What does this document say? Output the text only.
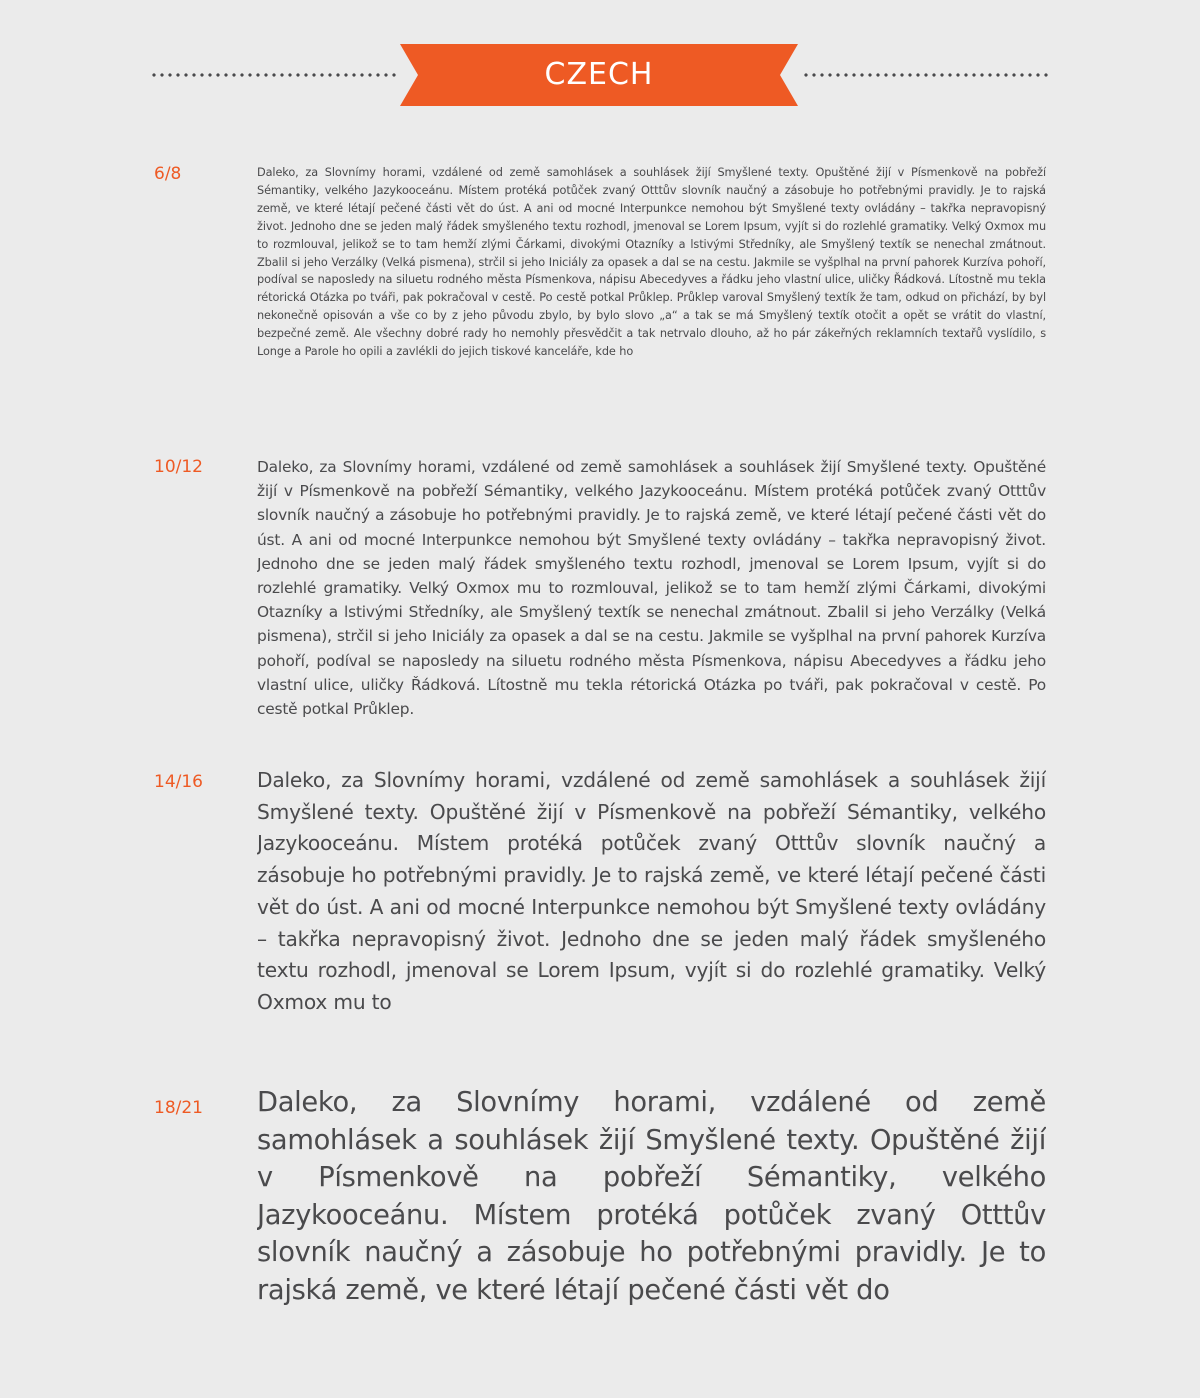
CZECH
6/8	Daleko, za Slovnímy horami, vzdálené od země samohlásek a souhlásek žijí Smyšlené texty. Opuštěné žijí v Písmenkově na pobřeží Sémantiky, velkého Jazykooceánu. Místem protéká potůček zvaný Otttův slovník naučný a zásobuje ho potřebnými pravidly. Je to rajská země, ve které létají pečené části vět do úst. A ani od mocné Interpunkce nemohou být Smyšlené texty ovládány – takřka nepravopisný život. Jednoho dne se jeden malý řádek smyšleného textu rozhodl, jmenoval se Lorem Ipsum, vyjít si do rozlehlé gramatiky. Velký Oxmox mu to rozmlouval, jelikož se to tam hemží zlými Čárkami, divokými Otazníky a lstivými Středníky, ale Smyšlený textík se nenechal zmátnout. Zbalil si jeho Verzálky (Velká pismena), strčil si jeho Iniciály za opasek a dal se na cestu. Jakmile se vyšplhal na první pahorek Kurzíva pohoří, podíval se naposledy na siluetu rodného města Písmenkova, nápisu Abecedyves a řádku jeho vlastní ulice, uličky Řádková. Lítostně mu tekla rétorická Otázka po tváři, pak pokračoval v cestě. Po cestě potkal Průklep. Průklep varoval Smyšlený textík že tam, odkud on přichází, by byl nekonečně opisován a vše co by z jeho původu zbylo, by bylo slovo „a“ a tak se má Smyšlený textík otočit a opět se vrátit do vlastní, bezpečné země. Ale všechny dobré rady ho nemohly přesvědčit a tak netrvalo dlouho, až ho pár zákeřných reklamních textařů vyslídilo, s Longe a Parole ho opili a zavlékli do jejich tiskové kanceláře, kde ho

10/12	Daleko, za Slovnímy horami, vzdálené od země samohlásek a souhlásek žijí Smyšlené texty. Opuštěné žijí v Písmenkově na pobřeží Sémantiky, velkého Jazykooceánu. Místem protéká potůček zvaný Otttův slovník naučný a zásobuje ho potřebnými pravidly. Je to rajská země, ve které létají pečené části vět do úst. A ani od mocné Interpunkce nemohou být Smyšlené texty ovládány – takřka nepravopisný život. Jednoho dne se jeden malý řádek smyšleného textu rozhodl, jmenoval se Lorem Ipsum, vyjít si do rozlehlé gramatiky. Velký Oxmox mu to rozmlouval, jelikož se to tam hemží zlými Čárkami, divokými Otazníky a lstivými Středníky, ale Smyšlený textík se nenechal zmátnout. Zbalil si jeho Verzálky (Velká pismena), strčil si jeho Iniciály za opasek a dal se na cestu. Jakmile se vyšplhal na první pahorek Kurzíva pohoří, podíval se naposledy na siluetu rodného města Písmenkova, nápisu Abecedyves a řádku jeho vlastní ulice, uličky Řádková. Lítostně mu tekla rétorická Otázka po tváři, pak pokračoval v cestě. Po cestě potkal Průklep.

14/16	Daleko, za Slovnímy horami, vzdálené od země samohlásek a souhlásek žijí Smyšlené texty. Opuštěné žijí v Písmenkově na pobřeží Sémantiky, velkého Jazykooceánu. Místem protéká potůček zvaný Otttův slovník naučný a zásobuje ho potřebnými pravidly. Je to rajská země, ve které létají pečené části vět do úst. A ani od mocné Interpunkce nemohou být Smyšlené texty ovládány – takřka nepravopisný život. Jednoho dne se jeden malý řádek smyšleného textu rozhodl, jmenoval se Lorem Ipsum, vyjít si do rozlehlé gramatiky. Velký Oxmox mu to

18/21 Daleko, za Slovnímy horami, vzdálené od země samohlásek a souhlásek žijí Smyšlené texty. Opuštěné žijí v Písmenkově na pobřeží Sémantiky, velkého Jazykooceánu. Místem protéká potůček zvaný Otttův slovník naučný a zásobuje ho potřebnými pravidly. Je to rajská země, ve které létají pečené části vět do
